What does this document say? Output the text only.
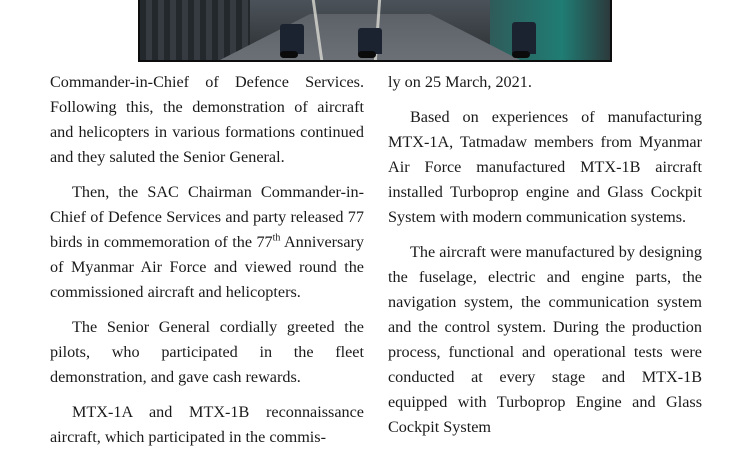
Commander-in-Chief of Defence Services. Following this, the demonstration of aircraft and helicopters in various formations continued and they saluted the Senior General.

Then, the SAC Chairman Commander-in-Chief of Defence Services and party released 77 birds in commemoration of the 77th Anniversary of Myanmar Air Force and viewed round the commissioned aircraft and helicopters.

The Senior General cordially greeted the pilots, who participated in the fleet demonstration, and gave cash rewards.

MTX-1A and MTX-1B reconnaissance aircraft, which participated in the commis-

ly on 25 March, 2021.

Based on experiences of manufacturing MTX-1A, Tatmadaw members from Myanmar Air Force manufactured MTX-1B aircraft installed Turboprop engine and Glass Cockpit System with modern communication systems.

The aircraft were manufactured by designing the fuselage, electric and engine parts, the navigation system, the communication system and the control system. During the production process, functional and operational tests were conducted at every stage and MTX-1B equipped with Turboprop Engine and Glass Cockpit System
